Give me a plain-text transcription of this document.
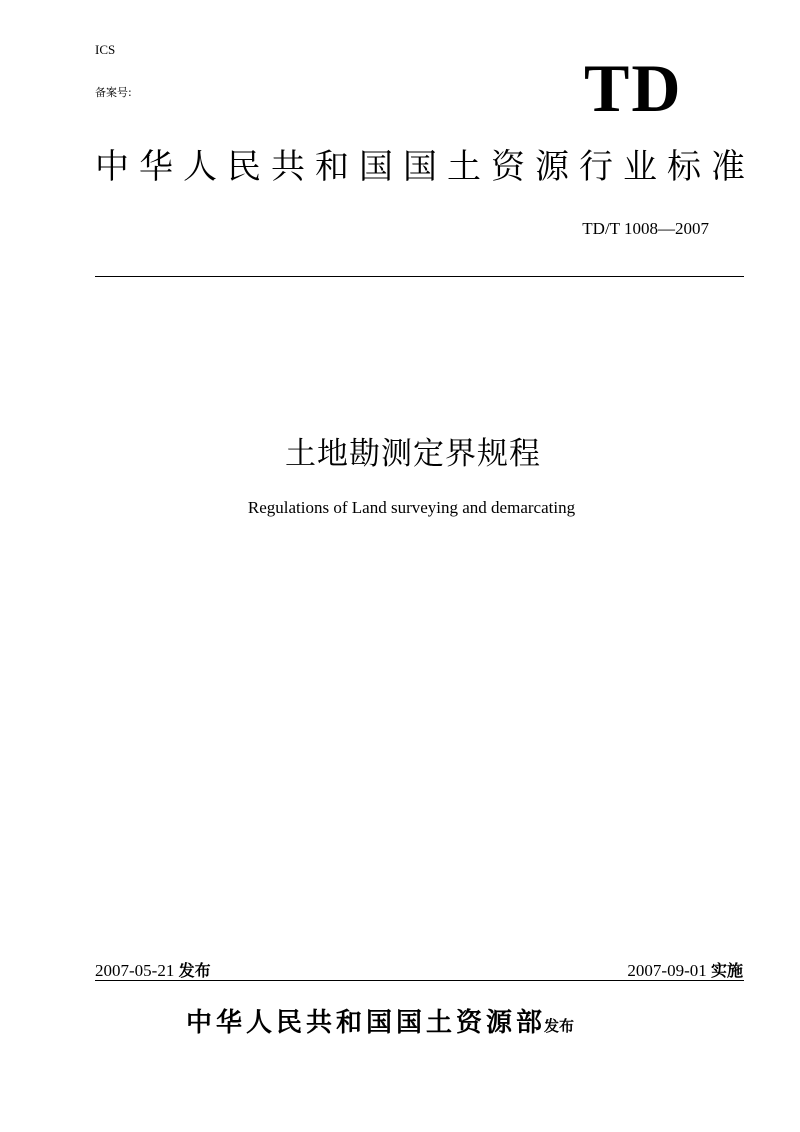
ICS
备案号:	TD
中华人民共和国国土资源行业标准
TD/T 1008—2007
土地勘测定界规程
Regulations of Land surveying and demarcating
2007-05-21 发布	2007-09-01 实施
中华人民共和国国土资源部发布
